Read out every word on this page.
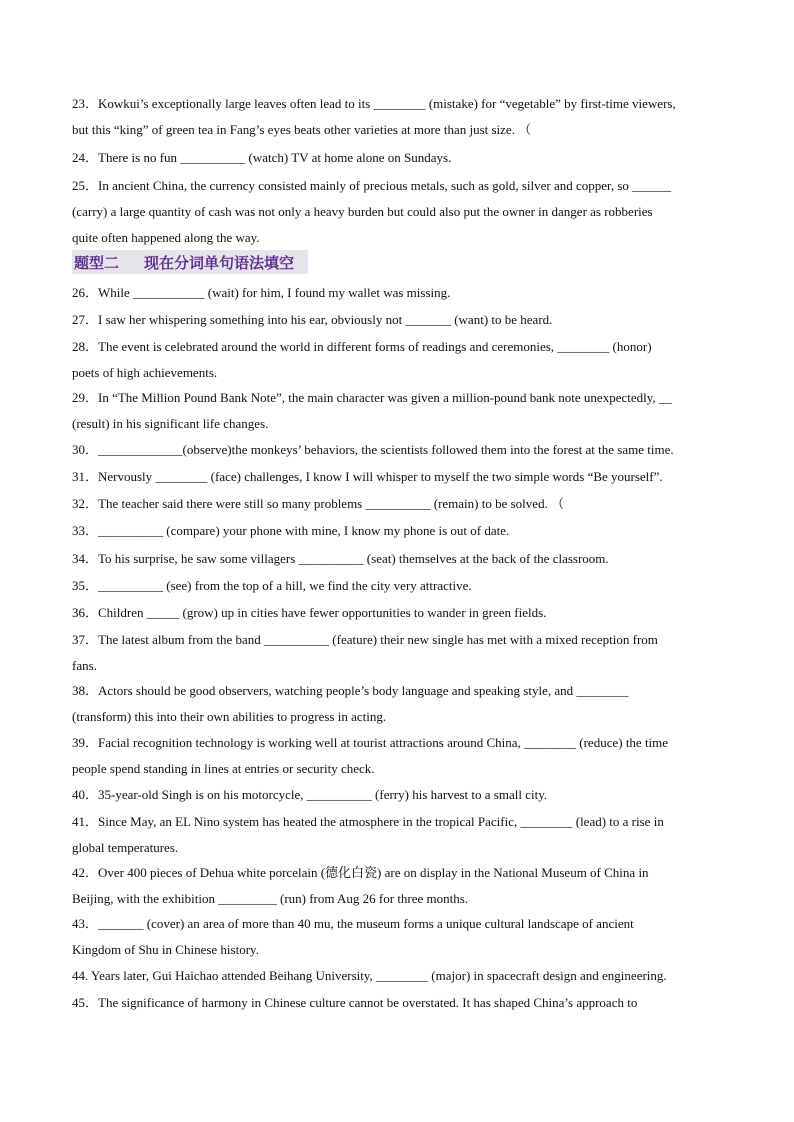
23．Kowkui’s exceptionally large leaves often lead to its ________ (mistake) for “vegetable” by first-time viewers,
but this “king” of green tea in Fang’s eyes beats other varieties at more than just size. （
24．There is no fun __________ (watch) TV at home alone on Sundays.
25．In ancient China, the currency consisted mainly of precious metals, such as gold, silver and copper, so ______
(carry) a large quantity of cash was not only a heavy burden but could also put the owner in danger as robberies
quite often happened along the way.
题型二 现在分词单句语法填空
26．While ___________ (wait) for him, I found my wallet was missing.
27．I saw her whispering something into his ear, obviously not _______ (want) to be heard.
28．The event is celebrated around the world in different forms of readings and ceremonies, ________ (honor)
poets of high achievements.
29．In “The Million Pound Bank Note”, the main character was given a million-pound bank note unexpectedly, __
(result) in his significant life changes.
30．_____________(observe)the monkeys’ behaviors, the scientists followed them into the forest at the same time.
31．Nervously ________ (face) challenges, I know I will whisper to myself the two simple words “Be yourself”.
32．The teacher said there were still so many problems __________ (remain) to be solved. （
33．__________ (compare) your phone with mine, I know my phone is out of date.
34．To his surprise, he saw some villagers __________ (seat) themselves at the back of the classroom.
35．__________ (see) from the top of a hill, we find the city very attractive.
36．Children _____ (grow) up in cities have fewer opportunities to wander in green fields.
37．The latest album from the band __________ (feature) their new single has met with a mixed reception from
fans.
38．Actors should be good observers, watching people’s body language and speaking style, and ________
(transform) this into their own abilities to progress in acting.
39．Facial recognition technology is working well at tourist attractions around China, ________ (reduce) the time
people spend standing in lines at entries or security check.
40．35-year-old Singh is on his motorcycle, __________ (ferry) his harvest to a small city.
41．Since May, an EL Nino system has heated the atmosphere in the tropical Pacific, ________ (lead) to a rise in
global temperatures.
42．Over 400 pieces of Dehua white porcelain (德化白瓷) are on display in the National Museum of China in
Beijing, with the exhibition _________ (run) from Aug 26 for three months.
43．_______ (cover) an area of more than 40 mu, the museum forms a unique cultural landscape of ancient
Kingdom of Shu in Chinese history.
44. Years later, Gui Haichao attended Beihang University, ________ (major) in spacecraft design and engineering.
45．The significance of harmony in Chinese culture cannot be overstated. It has shaped China’s approach to
